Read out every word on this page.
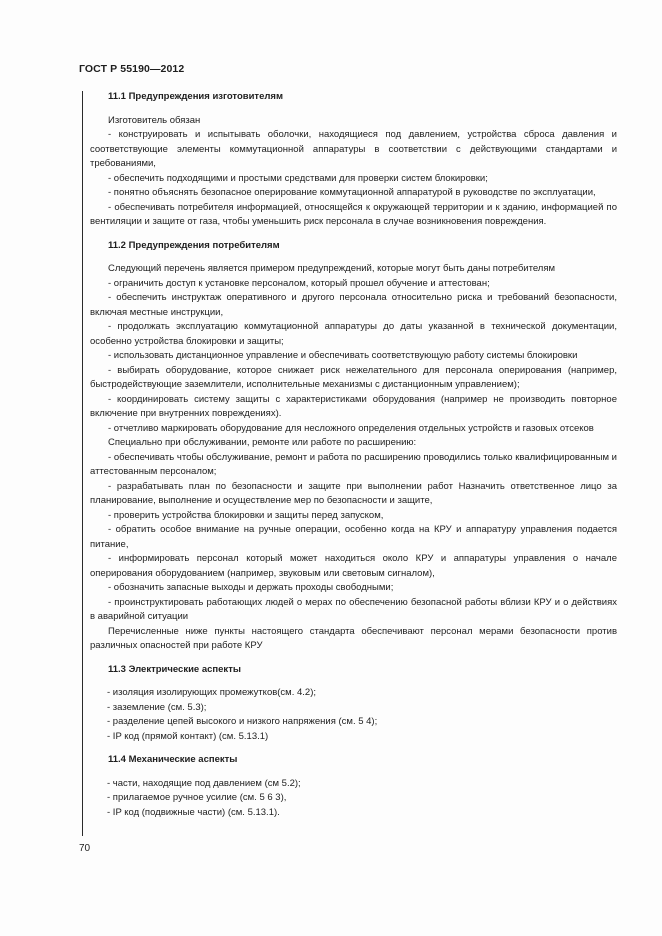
ГОСТ Р 55190—2012

11.1 Предупреждения изготовителям

Изготовитель обязан

- конструировать и испытывать оболочки, находящиеся под давлением, устройства сброса давления и соответствующие элементы коммутационной аппаратуры в соответствии с действующими стандартами и требованиями,

- обеспечить подходящими и простыми средствами для проверки систем блокировки;

- понятно объяснять безопасное оперирование коммутационной аппаратурой в руководстве по эксплуатации,

- обеспечивать потребителя информацией, относящейся к окружающей территории и к зданию, информацией по вентиляции и защите от газа, чтобы уменьшить риск персонала в случае возникновения повреждения.

11.2 Предупреждения потребителям

Следующий перечень является примером предупреждений, которые могут быть даны потребителям

- ограничить доступ к установке персоналом, который прошел обучение и аттестован;

- обеспечить инструктаж оперативного и другого персонала относительно риска и требований безопасности, включая местные инструкции,

- продолжать эксплуатацию коммутационной аппаратуры до даты указанной в технической документации, особенно устройства блокировки и защиты;

- использовать дистанционное управление и обеспечивать соответствующую работу системы блокировки

- выбирать оборудование, которое снижает риск нежелательного для персонала оперирования (например, быстродействующие заземлители, исполнительные механизмы с дистанционным управлением);

- координировать систему защиты с характеристиками оборудования (например не производить повторное включение при внутренних повреждениях).

- отчетливо маркировать оборудование для несложного определения отдельных устройств и газовых отсеков

Специально при обслуживании, ремонте или работе по расширению:

- обеспечивать чтобы обслуживание, ремонт и работа по расширению проводились только квалифицированным и аттестованным персоналом;

- разрабатывать план по безопасности и защите при выполнении работ Назначить ответственное лицо за планирование, выполнение и осуществление мер по безопасности и защите,

- проверить устройства блокировки и защиты перед запуском,

- обратить особое внимание на ручные операции, особенно когда на КРУ и аппаратуру управления подается питание,

- информировать персонал который может находиться около КРУ и аппаратуры управления о начале оперирования оборудованием (например, звуковым или световым сигналом),

- обозначить запасные выходы и держать проходы свободными;

- проинструктировать работающих людей о мерах по обеспечению безопасной работы вблизи КРУ и о действиях в аварийной ситуации

Перечисленные ниже пункты настоящего стандарта обеспечивают персонал мерами безопасности против различных опасностей при работе КРУ

11.3 Электрические аспекты

- изоляция изолирующих промежутков(см. 4.2);

- заземление (см. 5.3);

- разделение цепей высокого и низкого напряжения (см. 5 4);

- IP код (прямой контакт) (см. 5.13.1)

11.4 Механические аспекты

- части, находящие под давлением (см 5.2);

- прилагаемое ручное усилие (см. 5 6 3),

- IP код (подвижные части) (см. 5.13.1).

70
